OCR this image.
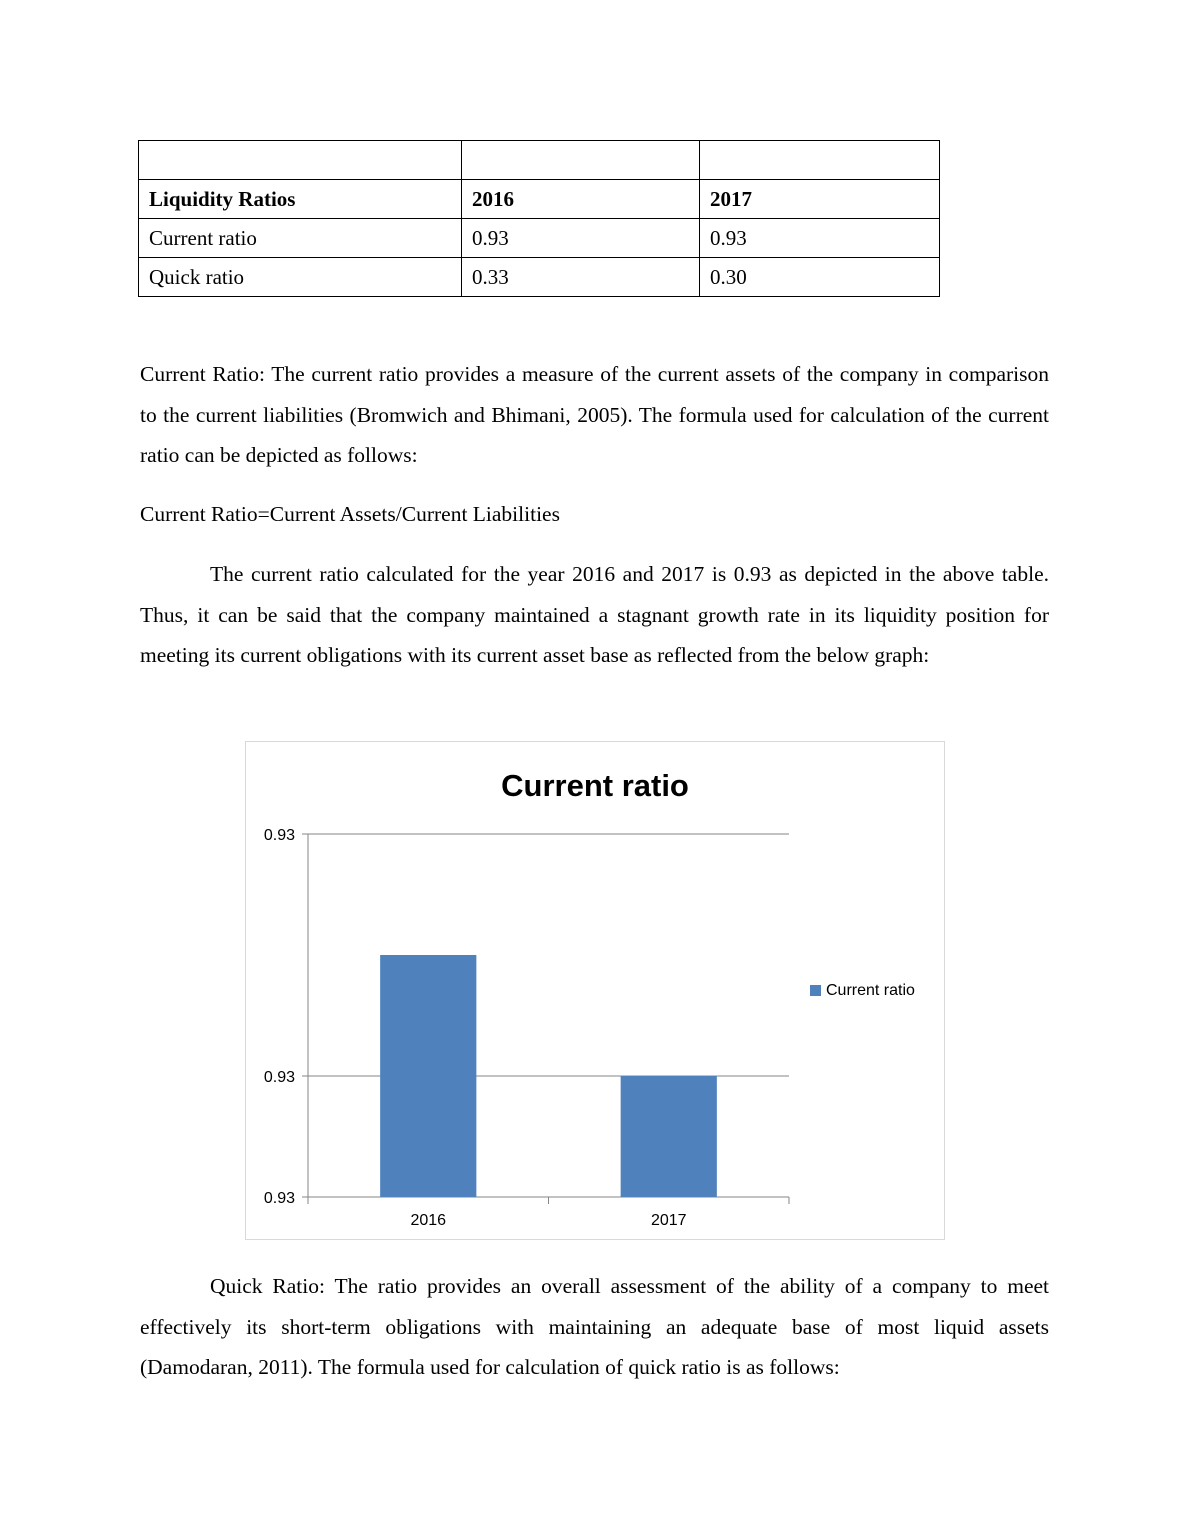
Liquidity Ratios	2016	2017
Current ratio	0.93	0.93
Quick ratio	0.33	0.30

Current Ratio: The current ratio provides a measure of the current assets of the company in comparison to the current liabilities (Bromwich and Bhimani, 2005). The formula used for calculation of the current ratio can be depicted as follows:

Current Ratio=Current Assets/Current Liabilities

The current ratio calculated for the year 2016 and 2017 is 0.93 as depicted in the above table. Thus, it can be said that the company maintained a stagnant growth rate in its liquidity position for meeting its current obligations with its current asset base as reflected from the below graph:

Current ratio
0.93
0.93
0.93
2016	2017
Current ratio

Quick Ratio: The ratio provides an overall assessment of the ability of a company to meet effectively its short-term obligations with maintaining an adequate base of most liquid assets (Damodaran, 2011). The formula used for calculation of quick ratio is as follows:
